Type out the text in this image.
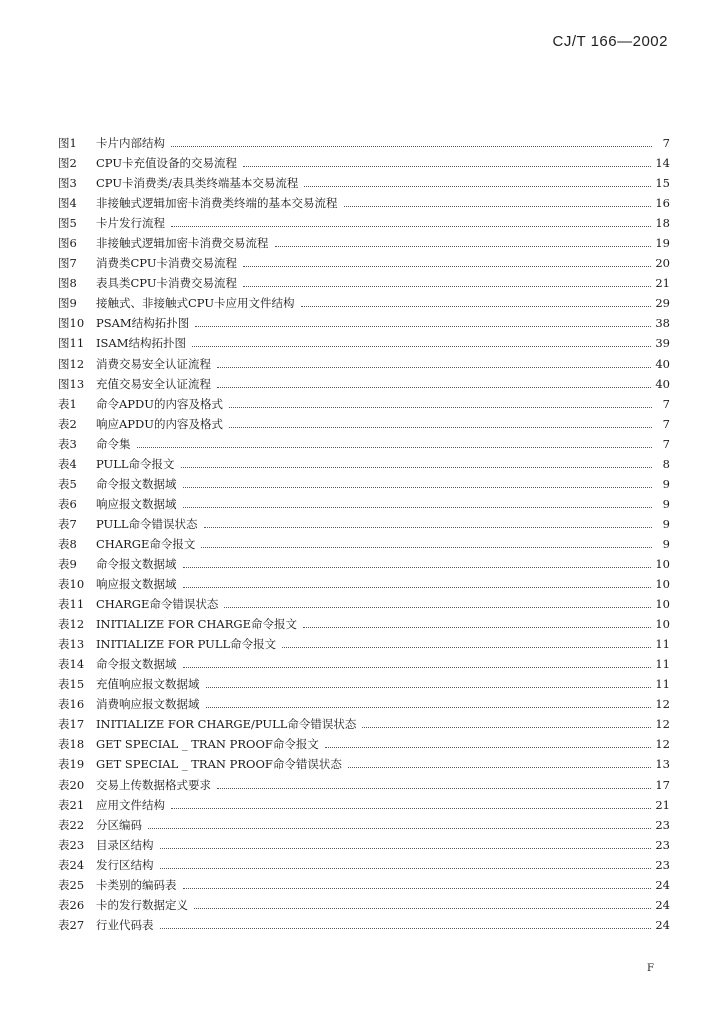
CJ/T 166—2002
图1	卡片内部结构	7
图2	CPU卡充值设备的交易流程	14
图3	CPU卡消费类/表具类终端基本交易流程	15
图4	非接触式逻辑加密卡消费类终端的基本交易流程	16
图5	卡片发行流程	18
图6	非接触式逻辑加密卡消费交易流程	19
图7	消费类CPU卡消费交易流程	20
图8	表具类CPU卡消费交易流程	21
图9	接触式、非接触式CPU卡应用文件结构	29
图10	PSAM结构拓扑图	38
图11	ISAM结构拓扑图	39
图12	消费交易安全认证流程	40
图13	充值交易安全认证流程	40
表1	命令APDU的内容及格式	7
表2	响应APDU的内容及格式	7
表3	命令集	7
表4	PULL命令报文	8
表5	命令报文数据域	9
表6	响应报文数据域	9
表7	PULL命令错误状态	9
表8	CHARGE命令报文	9
表9	命令报文数据域	10
表10	响应报文数据域	10
表11	CHARGE命令错误状态	10
表12	INITIALIZE FOR CHARGE命令报文	10
表13	INITIALIZE FOR PULL命令报文	11
表14	命令报文数据域	11
表15	充值响应报文数据域	11
表16	消费响应报文数据域	12
表17	INITIALIZE FOR CHARGE/PULL命令错误状态	12
表18	GET SPECIAL _ TRAN PROOF命令报文	12
表19	GET SPECIAL _ TRAN PROOF命令错误状态	13
表20	交易上传数据格式要求	17
表21	应用文件结构	21
表22	分区编码	23
表23	目录区结构	23
表24	发行区结构	23
表25	卡类别的编码表	24
表26	卡的发行数据定义	24
表27	行业代码表	24
F
